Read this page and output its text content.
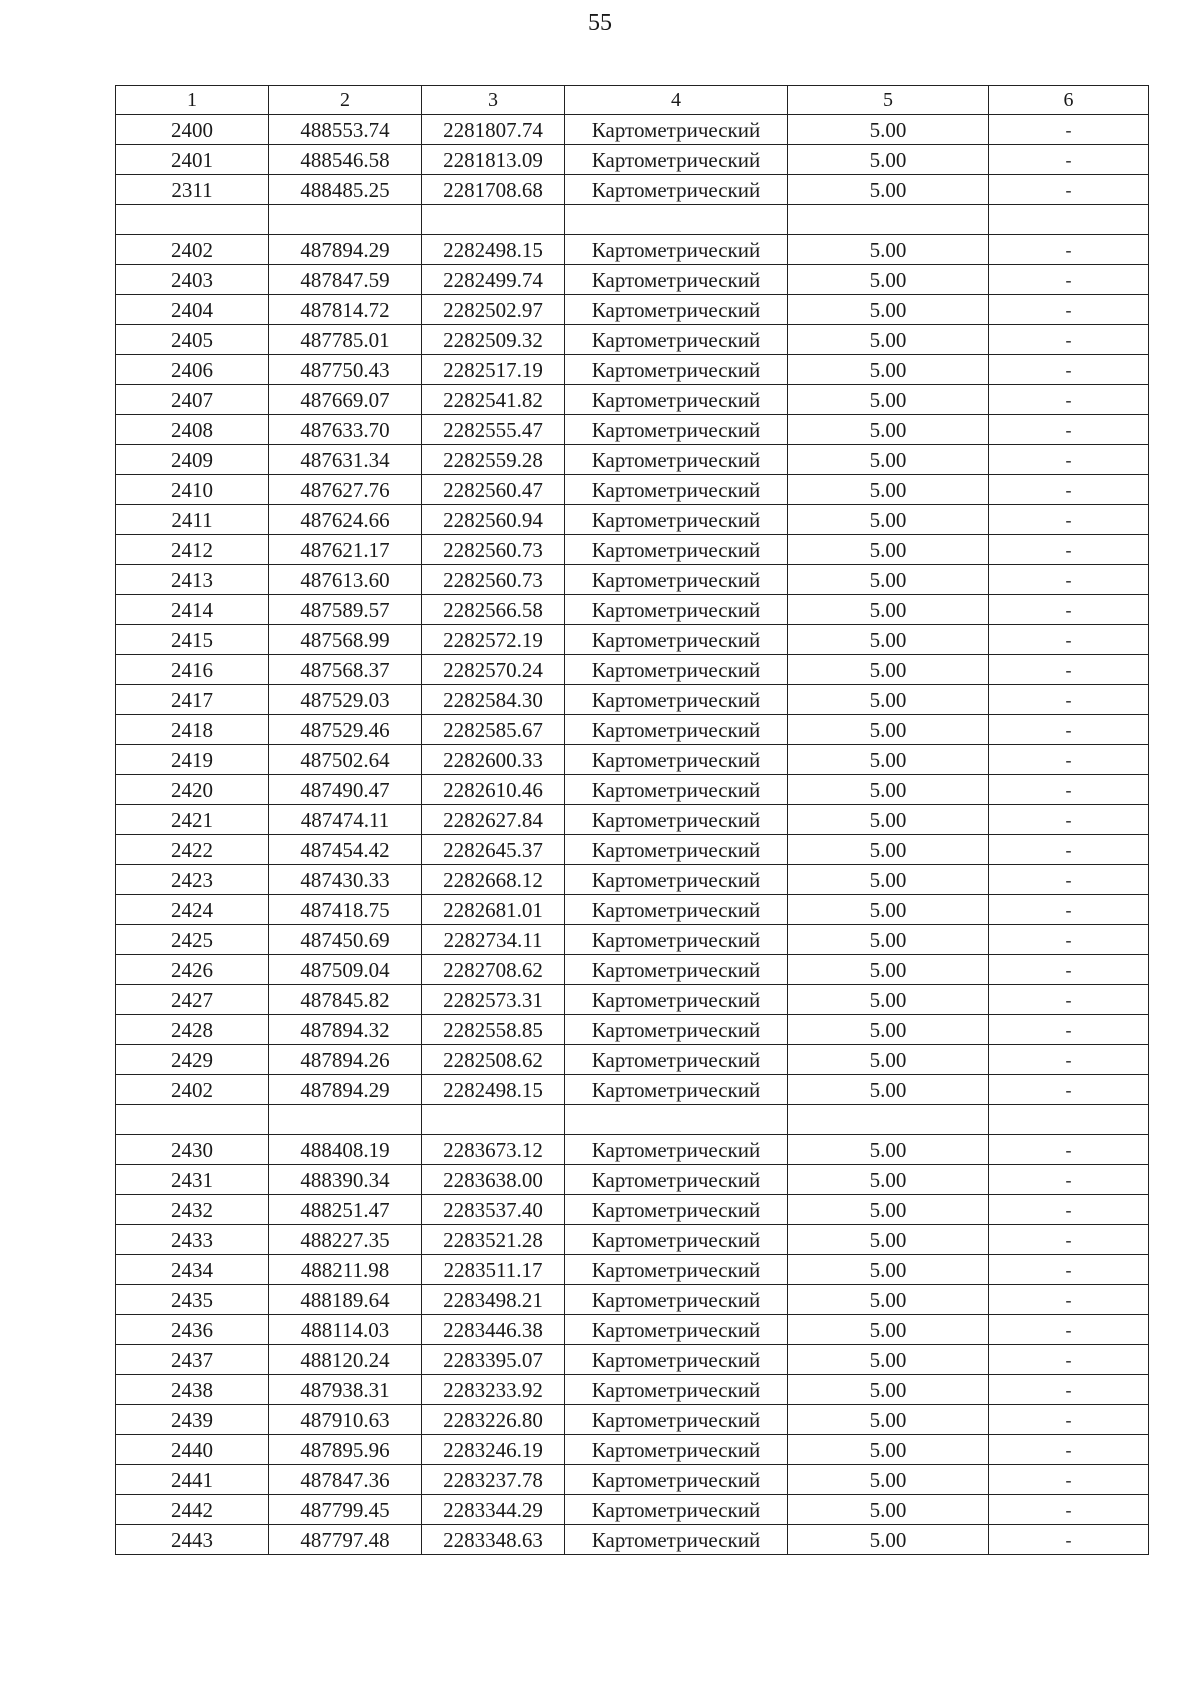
55
1	2	3	4	5	6
2400	488553.74	2281807.74	Картометрический	5.00	-
2401	488546.58	2281813.09	Картометрический	5.00	-
2311	488485.25	2281708.68	Картометрический	5.00	-

2402	487894.29	2282498.15	Картометрический	5.00	-
2403	487847.59	2282499.74	Картометрический	5.00	-
2404	487814.72	2282502.97	Картометрический	5.00	-
2405	487785.01	2282509.32	Картометрический	5.00	-
2406	487750.43	2282517.19	Картометрический	5.00	-
2407	487669.07	2282541.82	Картометрический	5.00	-
2408	487633.70	2282555.47	Картометрический	5.00	-
2409	487631.34	2282559.28	Картометрический	5.00	-
2410	487627.76	2282560.47	Картометрический	5.00	-
2411	487624.66	2282560.94	Картометрический	5.00	-
2412	487621.17	2282560.73	Картометрический	5.00	-
2413	487613.60	2282560.73	Картометрический	5.00	-
2414	487589.57	2282566.58	Картометрический	5.00	-
2415	487568.99	2282572.19	Картометрический	5.00	-
2416	487568.37	2282570.24	Картометрический	5.00	-
2417	487529.03	2282584.30	Картометрический	5.00	-
2418	487529.46	2282585.67	Картометрический	5.00	-
2419	487502.64	2282600.33	Картометрический	5.00	-
2420	487490.47	2282610.46	Картометрический	5.00	-
2421	487474.11	2282627.84	Картометрический	5.00	-
2422	487454.42	2282645.37	Картометрический	5.00	-
2423	487430.33	2282668.12	Картометрический	5.00	-
2424	487418.75	2282681.01	Картометрический	5.00	-
2425	487450.69	2282734.11	Картометрический	5.00	-
2426	487509.04	2282708.62	Картометрический	5.00	-
2427	487845.82	2282573.31	Картометрический	5.00	-
2428	487894.32	2282558.85	Картометрический	5.00	-
2429	487894.26	2282508.62	Картометрический	5.00	-
2402	487894.29	2282498.15	Картометрический	5.00	-

2430	488408.19	2283673.12	Картометрический	5.00	-
2431	488390.34	2283638.00	Картометрический	5.00	-
2432	488251.47	2283537.40	Картометрический	5.00	-
2433	488227.35	2283521.28	Картометрический	5.00	-
2434	488211.98	2283511.17	Картометрический	5.00	-
2435	488189.64	2283498.21	Картометрический	5.00	-
2436	488114.03	2283446.38	Картометрический	5.00	-
2437	488120.24	2283395.07	Картометрический	5.00	-
2438	487938.31	2283233.92	Картометрический	5.00	-
2439	487910.63	2283226.80	Картометрический	5.00	-
2440	487895.96	2283246.19	Картометрический	5.00	-
2441	487847.36	2283237.78	Картометрический	5.00	-
2442	487799.45	2283344.29	Картометрический	5.00	-
2443	487797.48	2283348.63	Картометрический	5.00	-
